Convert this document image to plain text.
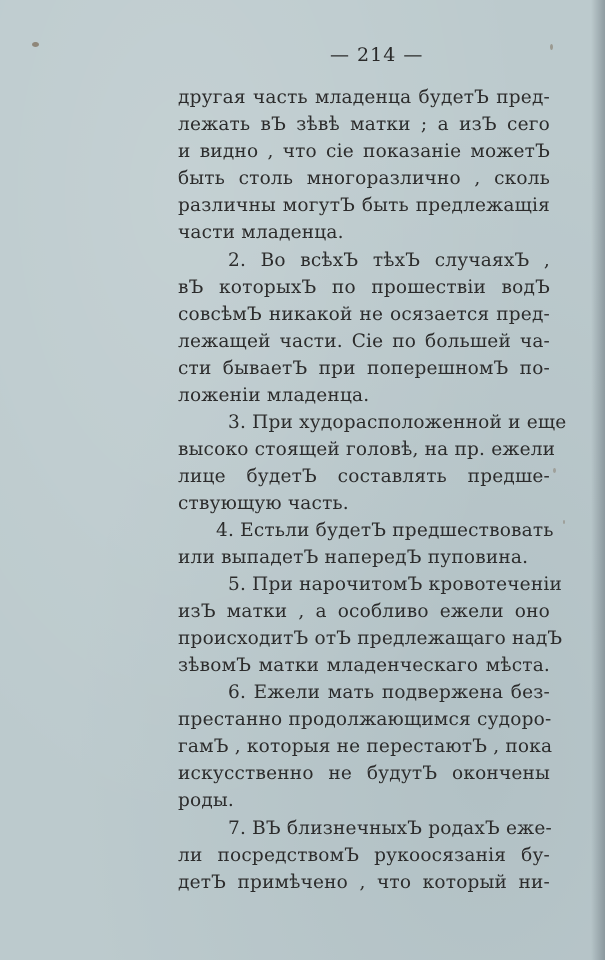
— 214 —
другая часть младенца будетЪ пред-
лежать вЪ зѣвѣ матки ; а изЪ сего
и видно , что сіе показаніе можетЪ
быть столь многоразлично , сколь
различны могутЪ быть предлежащія
части младенца.
2. Во всѣхЪ тѣхЪ случаяхЪ ,
вЪ которыхЪ по прошествіи водЪ
совсѣмЪ никакой не осязается пред-
лежащей части. Сіе по большей ча-
сти бываетЪ при поперешномЪ по-
ложеніи младенца.
3. При худорасположенной и еще
высоко стоящей головѣ, на пр. ежели
лице будетЪ составлять предше-
ствующую часть.
4. Естьли будетЪ предшествовать
или выпадетЪ напередЪ пуповина.
5. При нарочитомЪ кровотеченіи
изЪ матки , а особливо ежели оно
происходитЪ отЪ предлежащаго надЪ
зѣвомЪ матки младенческаго мѣста.
6. Ежели мать подвержена без-
престанно продолжающимся судоро-
гамЪ , которыя не перестаютЪ , пока
искусственно не будутЪ окончены
роды.
7. ВЪ близнечныхЪ родахЪ еже-
ли посредствомЪ рукоосязанія бу-
детЪ примѣчено , что который ни-
